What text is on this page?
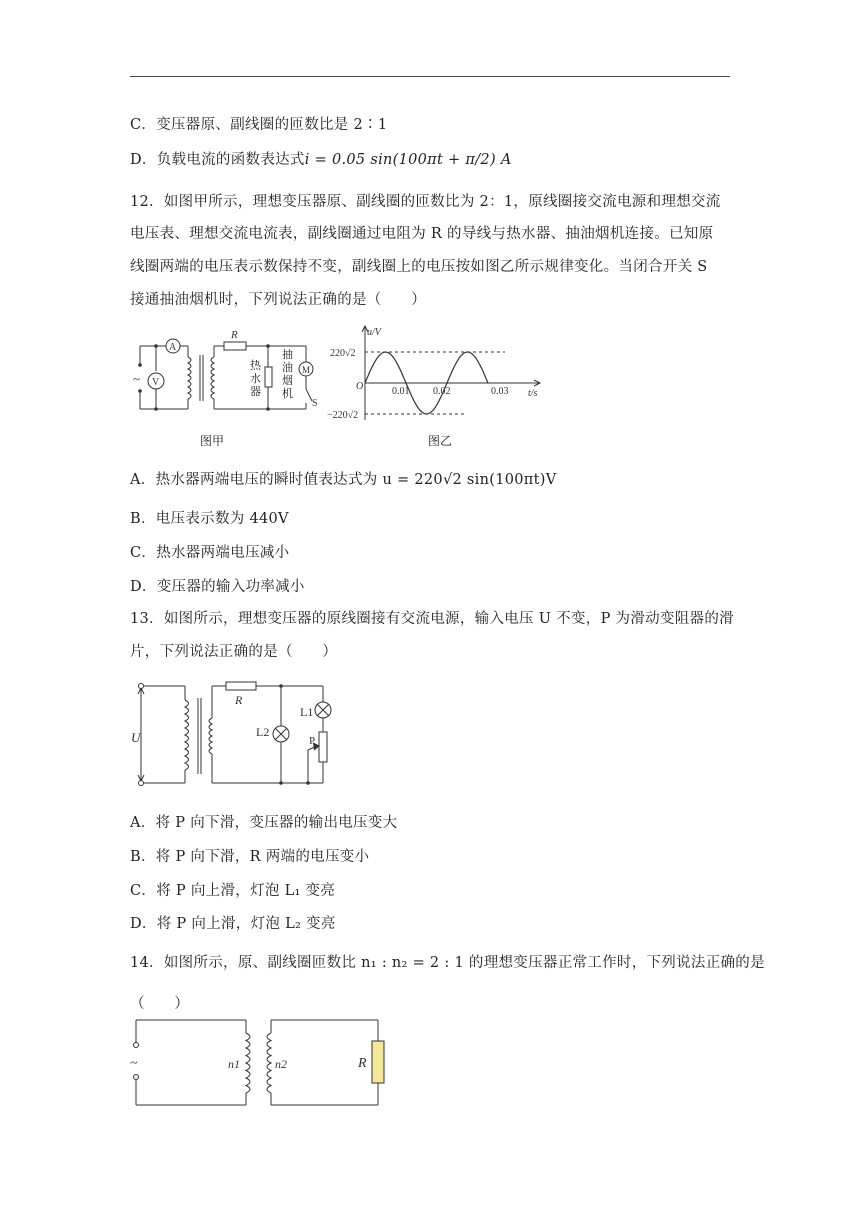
C．变压器原、副线圈的匝数比是 2∶1
D．负载电流的函数表达式i = 0.05 sin(100πt + π/2) A
12．如图甲所示，理想变压器原、副线圈的匝数比为 2：1，原线圈接交流电源和理想交流
电压表、理想交流电流表，副线圈通过电阻为 R 的导线与热水器、抽油烟机连接。已知原
线圈两端的电压表示数保持不变，副线圈上的电压按如图乙所示规律变化。当闭合开关 S
接通抽油烟机时，下列说法正确的是（　　）
~
A
V
R
M
S
热水器
抽油烟机
图甲
u/V
t/s
O
220√2
−220√2
0.01 0.02	0.03
图乙
A．热水器两端电压的瞬时值表达式为 u = 220√2 sin(100πt)V
B．电压表示数为 440V
C．热水器两端电压减小
D．变压器的输入功率减小
13．如图所示，理想变压器的原线圈接有交流电源，输入电压 U 不变，P 为滑动变阻器的滑
片，下列说法正确的是（　　）
U
R
L2
L1
P
A．将 P 向下滑，变压器的输出电压变大
B．将 P 向下滑，R 两端的电压变小
C．将 P 向上滑，灯泡 L₁ 变亮
D．将 P 向上滑，灯泡 L₂ 变亮
14．如图所示，原、副线圈匝数比 n₁ : n₂ = 2 : 1 的理想变压器正常工作时，下列说法正确的是
（　　）
~	n1	n2	R
